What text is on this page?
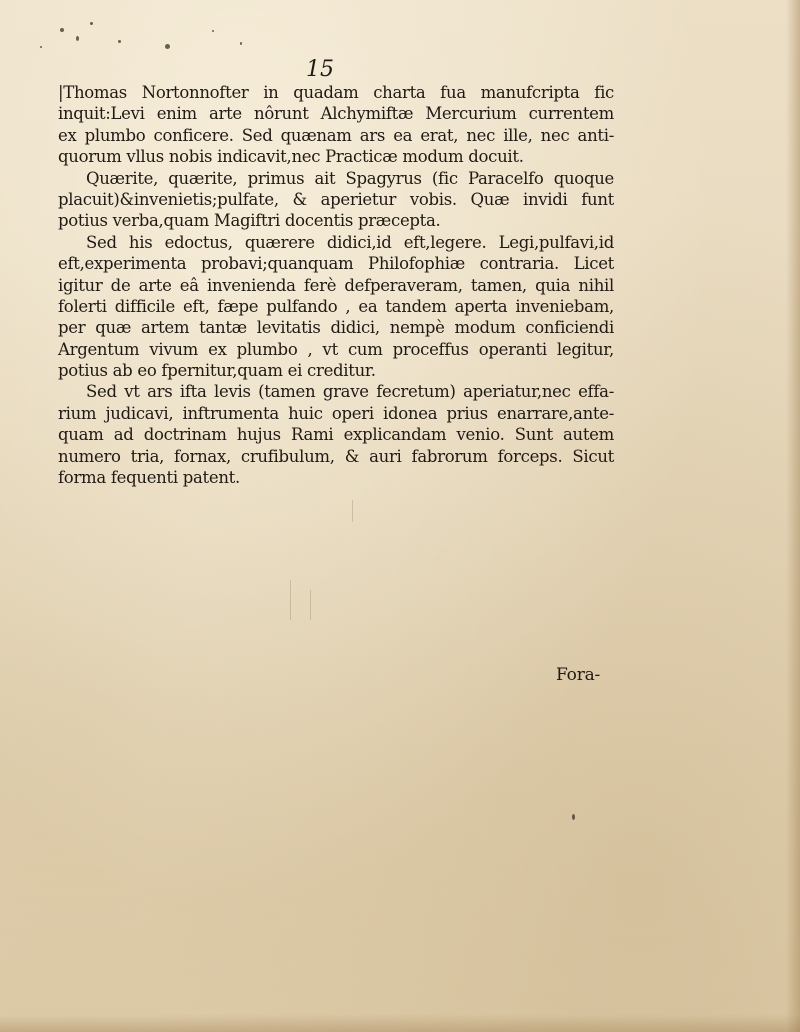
15
|Thomas Nortonnofter in quadam charta fua manufcripta fic
inquit:Levi enim arte nôrunt Alchymiftæ Mercurium currentem
ex plumbo conficere. Sed quænam ars ea erat, nec ille, nec anti-
quorum vllus nobis indicavit,nec Practicæ modum docuit.
Quærite, quærite, primus ait Spagyrus (fic Paracelfo quoque
placuit)&invenietis;pulfate, & aperietur vobis. Quæ invidi funt
potius verba,quam Magiftri docentis præcepta.
Sed his edoctus, quærere didici,id eft,legere. Legi,pulfavi,id
eft,experimenta probavi;quanquam Philofophiæ contraria. Licet
igitur de arte eâ invenienda ferè defperaveram, tamen, quia nihil
folerti difficile eft, fæpe pulfando , ea tandem aperta inveniebam,
per quæ artem tantæ levitatis didici, nempè modum conficiendi
Argentum vivum ex plumbo , vt cum proceffus operanti legitur,
potius ab eo fpernitur,quam ei creditur.
Sed vt ars ifta levis (tamen grave fecretum) aperiatur,nec effa-
rium judicavi, inftrumenta huic operi idonea prius enarrare,ante-
quam ad doctrinam hujus Rami explicandam venio. Sunt autem
numero tria, fornax, crufibulum, & auri fabrorum forceps. Sicut
forma fequenti patent.
Fora-
